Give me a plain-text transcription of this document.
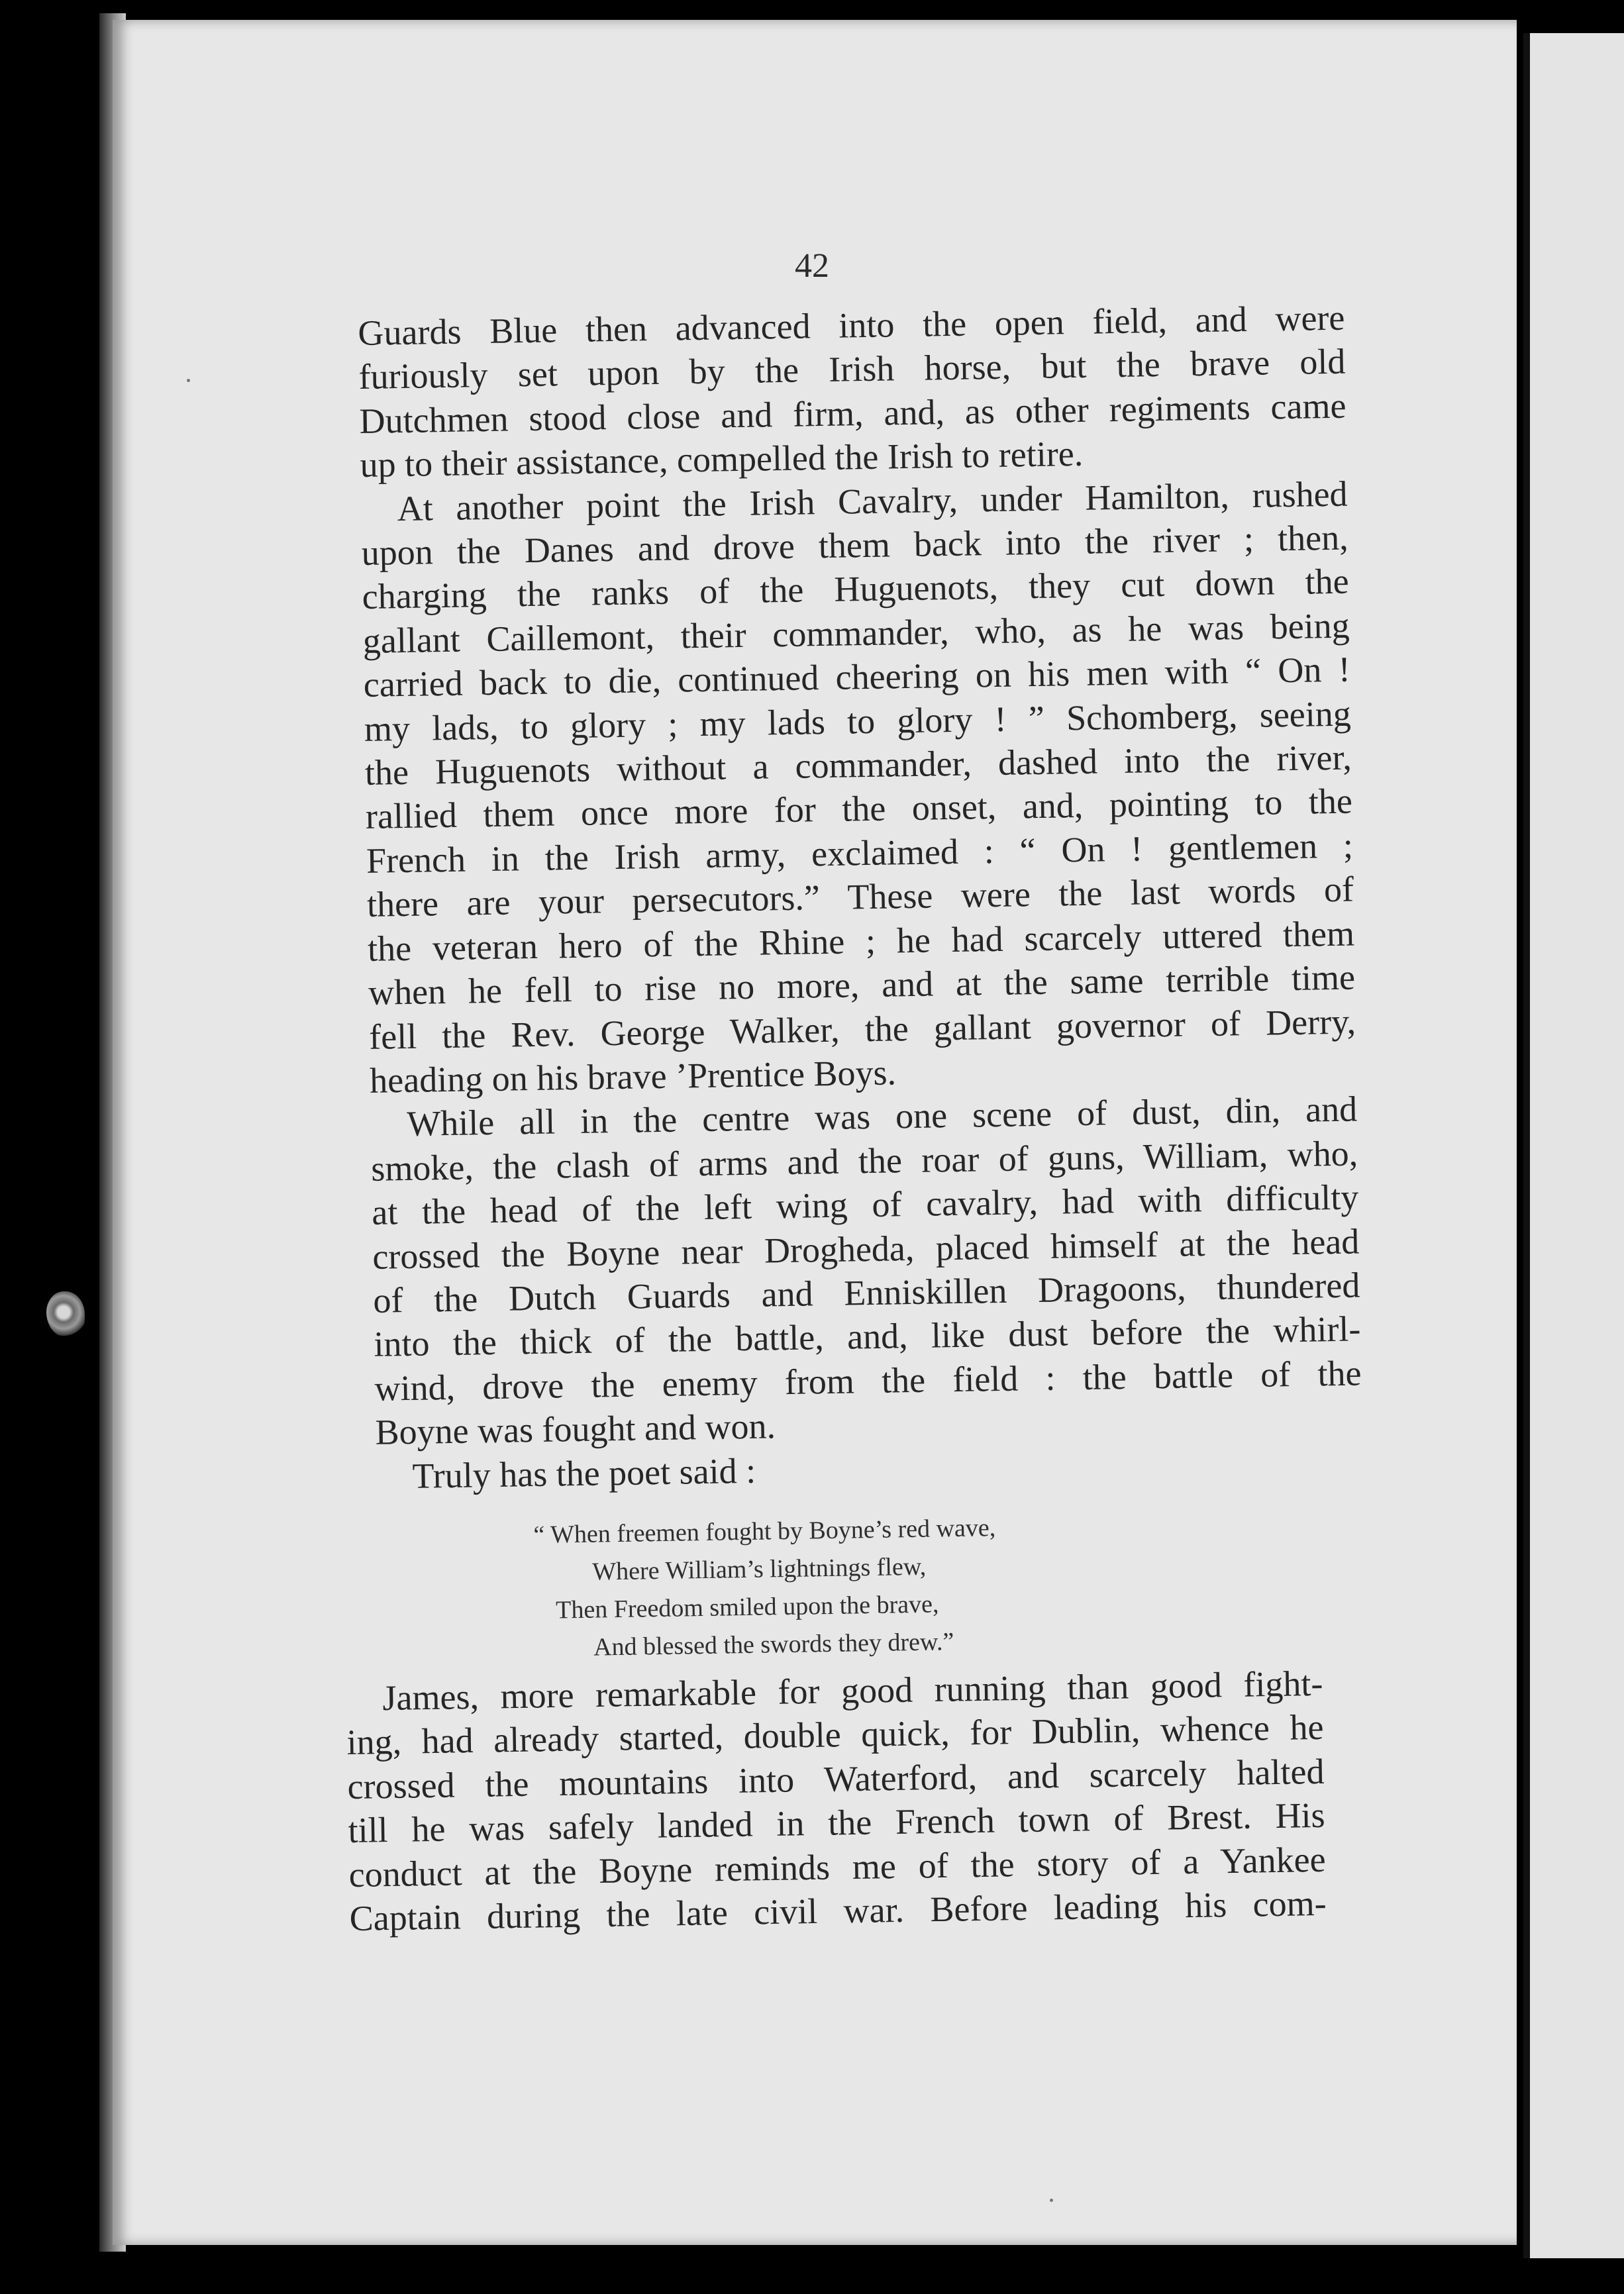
42
Guards Blue then advanced into the open field, and were
furiously set upon by the Irish horse, but the brave old
Dutchmen stood close and firm, and, as other regiments came
up to their assistance, compelled the Irish to retire.
At another point the Irish Cavalry, under Hamilton, rushed
upon the Danes and drove them back into the river ; then,
charging the ranks of the Huguenots, they cut down the
gallant Caillemont, their commander, who, as he was being
carried back to die, continued cheering on his men with “ On !
my lads, to glory ; my lads to glory ! ” Schomberg, seeing
the Huguenots without a commander, dashed into the river,
rallied them once more for the onset, and, pointing to the
French in the Irish army, exclaimed : “ On ! gentlemen ;
there are your persecutors.” These were the last words of
the veteran hero of the Rhine ; he had scarcely uttered them
when he fell to rise no more, and at the same terrible time
fell the Rev. George Walker, the gallant governor of Derry,
heading on his brave ’Prentice Boys.
While all in the centre was one scene of dust, din, and
smoke, the clash of arms and the roar of guns, William, who,
at the head of the left wing of cavalry, had with difficulty
crossed the Boyne near Drogheda, placed himself at the head
of the Dutch Guards and Enniskillen Dragoons, thundered
into the thick of the battle, and, like dust before the whirl-
wind, drove the enemy from the field : the battle of the
Boyne was fought and won.
Truly has the poet said :
“ When freemen fought by Boyne’s red wave,
Where William’s lightnings flew,
Then Freedom smiled upon the brave,
And blessed the swords they drew.”
James, more remarkable for good running than good fight-
ing, had already started, double quick, for Dublin, whence he
crossed the mountains into Waterford, and scarcely halted
till he was safely landed in the French town of Brest. His
conduct at the Boyne reminds me of the story of a Yankee
Captain during the late civil war. Before leading his com-
